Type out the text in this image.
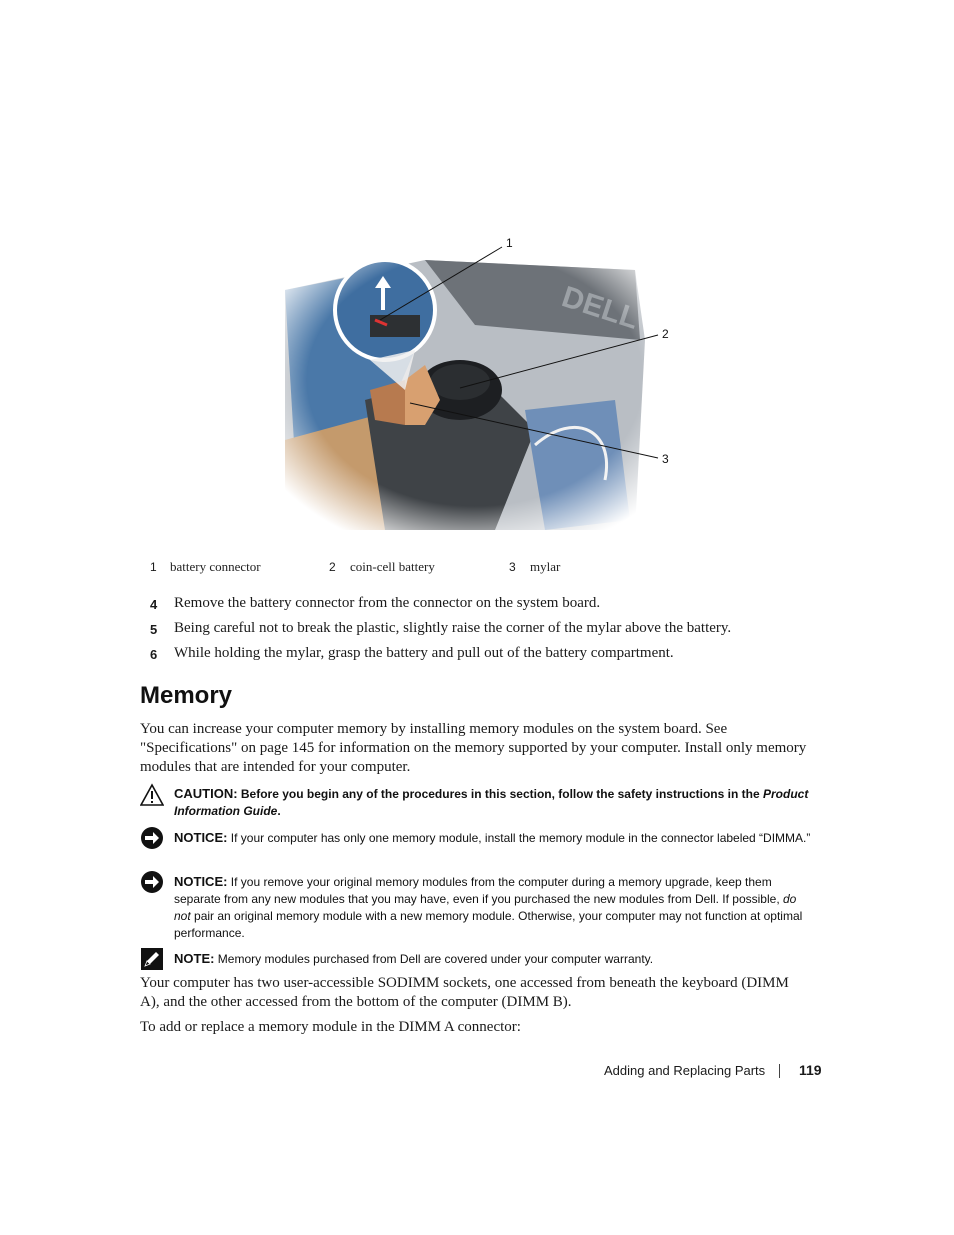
1
2
3
1 battery connector	2 coin-cell battery	3 mylar
4 Remove the battery connector from the connector on the system board.
5 Being careful not to break the plastic, slightly raise the corner of the mylar above the battery.
6 While holding the mylar, grasp the battery and pull out of the battery compartment.
Memory

You can increase your computer memory by installing memory modules on the system board. See "Specifications" on page 145 for information on the memory supported by your computer. Install only memory modules that are intended for your computer.

CAUTION: Before you begin any of the procedures in this section, follow the safety instructions in the Product Information Guide.

NOTICE: If your computer has only one memory module, install the memory module in the connector labeled “DIMMA.”

NOTICE: If you remove your original memory modules from the computer during a memory upgrade, keep them separate from any new modules that you may have, even if you purchased the new modules from Dell. If possible, do not pair an original memory module with a new memory module. Otherwise, your computer may not function at optimal performance.

NOTE: Memory modules purchased from Dell are covered under your computer warranty.

Your computer has two user-accessible SODIMM sockets, one accessed from beneath the keyboard (DIMM A), and the other accessed from the bottom of the computer (DIMM B).

To add or replace a memory module in the DIMM A connector:

Adding and Replacing Parts 119
